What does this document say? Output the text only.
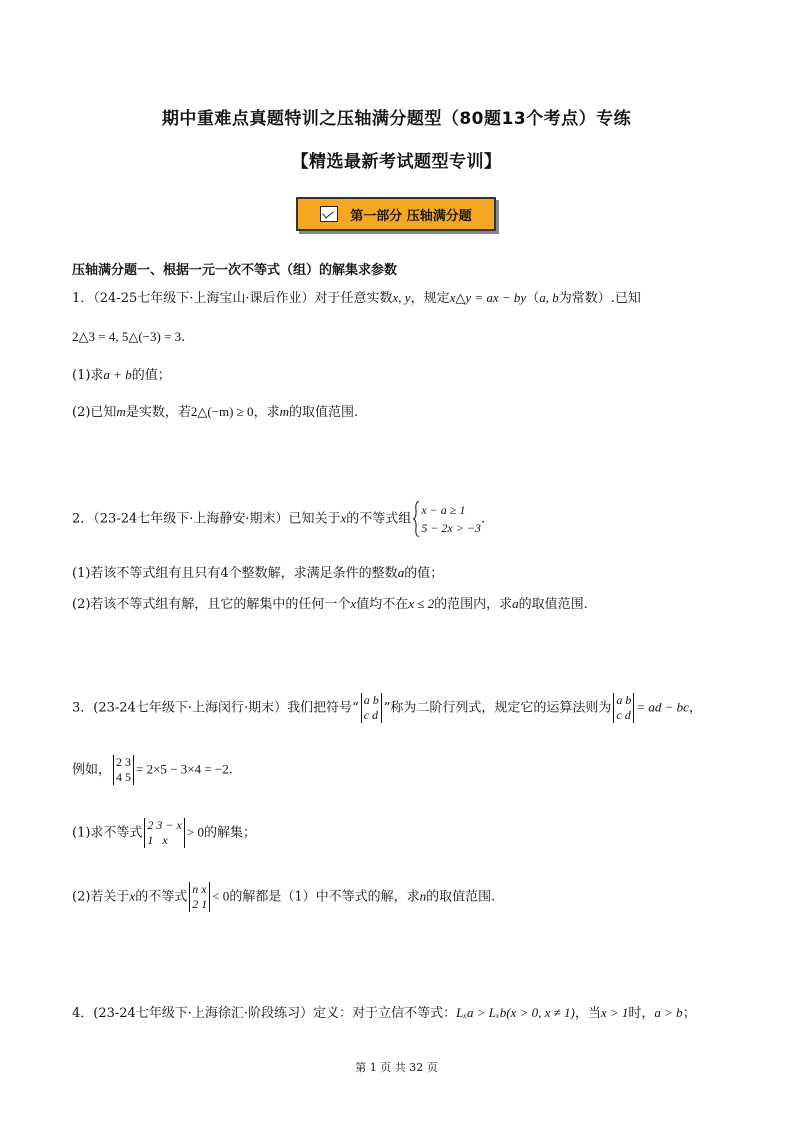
期中重难点真题特训之压轴满分题型（80题13个考点）专练
【精选最新考试题型专训】
第一部分 压轴满分题
压轴满分题一、根据一元一次不等式（组）的解集求参数
1．（24-25七年级下·上海宝山·课后作业）对于任意实数x, y，规定x△y = ax − by（a, b为常数）.已知
2△3 = 4, 5△(−3) = 3.
(1)求a + b的值；
(2)已知m是实数，若2△(−m) ≥ 0，求m的取值范围.
2．（23-24七年级下·上海静安·期末）已知关于x的不等式组
x − a ≥ 1
5 − 2x > −3
.
(1)若该不等式组有且只有4个整数解，求满足条件的整数a的值；
(2)若该不等式组有解，且它的解集中的任何一个x值均不在x ≤ 2的范围内，求a的取值范围.
3．(23-24七年级下·上海闵行·期末）我们把符号“
a b
c d ”称为二阶行列式，规定它的运算法则为
a b
c d
= ad − bc，
例如，
2 3
4 5
= 2×5 − 3×4 = −2.
(1)求不等式
2 3 − x
1   x
> 0的解集；
(2)若关于x的不等式
n x
2 1
< 0的解都是（1）中不等式的解，求n的取值范围.
4．(23-24七年级下·上海徐汇·阶段练习）定义：对于立信不等式：Lₓa > Lₓb(x > 0, x ≠ 1)，当x > 1时，a > b；
第 1 页 共 32 页
